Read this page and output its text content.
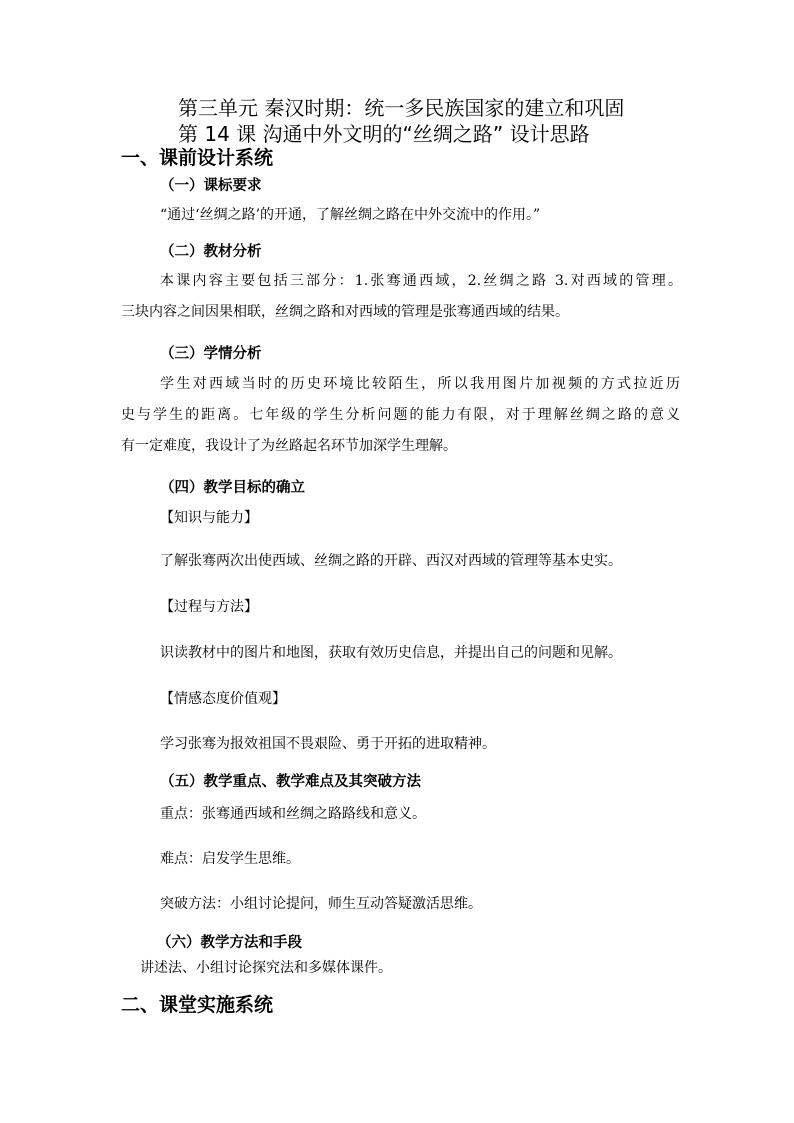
第三单元 秦汉时期：统一多民族国家的建立和巩固

第 14 课 沟通中外文明的“丝绸之路” 设计思路

一、课前设计系统

（一）课标要求

“通过‘丝绸之路’的开通，了解丝绸之路在中外交流中的作用。”

（二）教材分析

本课内容主要包括三部分：1.张骞通西域，2.丝绸之路 3.对西域的管理。

三块内容之间因果相联，丝绸之路和对西域的管理是张骞通西域的结果。

（三）学情分析

学生对西域当时的历史环境比较陌生，所以我用图片加视频的方式拉近历

史与学生的距离。七年级的学生分析问题的能力有限，对于理解丝绸之路的意义

有一定难度，我设计了为丝路起名环节加深学生理解。

（四）教学目标的确立

【知识与能力】

了解张骞两次出使西域、丝绸之路的开辟、西汉对西域的管理等基本史实。

【过程与方法】

识读教材中的图片和地图，获取有效历史信息，并提出自己的问题和见解。

【情感态度价值观】

学习张骞为报效祖国不畏艰险、勇于开拓的进取精神。

（五）教学重点、教学难点及其突破方法

重点：张骞通西域和丝绸之路路线和意义。

难点：启发学生思维。

突破方法：小组讨论提问，师生互动答疑激活思维。

（六）教学方法和手段

讲述法、小组讨论探究法和多媒体课件。

二、课堂实施系统
